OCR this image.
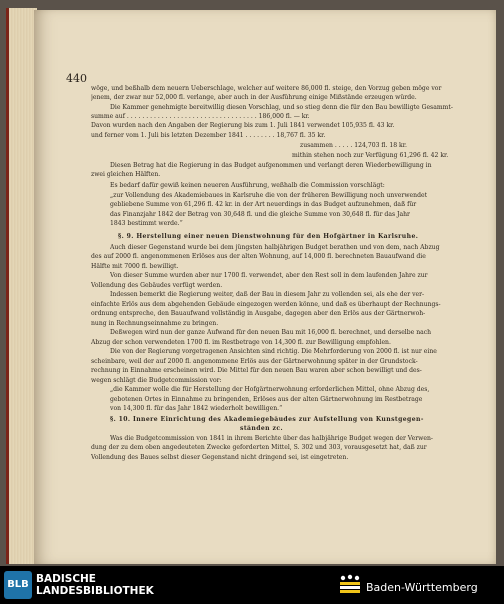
440
wöge, und beßhalb dem neuern Ueberschlage, welcher auf weitere 86,000 fl. steige, den Vorzug geben möge vor
jenem, der zwar nur 52,000 fl. verlange, aber auch in der Ausführung einige Mißstände erzeugen würde.
Die Kammer genehmigte bereitwillig diesen Vorschlag, und so stieg denn die für den Bau bewilligte Gesammt-
summe auf . . . . . . . . . . . . . . . . . . . . . . . . . . . . . . . . . . 186,000 fl. — kr.
Davon wurden nach den Angaben der Regierung bis zum 1. Juli 1841 verwendet 105,935 fl. 43 kr.
und ferner vom 1. Juli bis letzten Dezember 1841 . . . . . . . . 18,767 fl. 35 kr.
zusammen . . . . . 124,703 fl. 18 kr.
mithin stehen noch zur Verfügung 61,296 fl. 42 kr.
Diesen Betrag hat die Regierung in das Budget aufgenommen und verlangt deren Wiederbewilligung in
zwei gleichen Hälften.
Es bedarf dafür gewiß keinen neueren Ausführung, weßhalb die Commission vorschlägt:
„zur Vollendung des Akademiebaues in Karlsruhe die von der früheren Bewilligung noch unverwendet
gebliebene Summe von 61,296 fl. 42 kr. in der Art neuerdings in das Budget aufzunehmen, daß für
das Finanzjahr 1842 der Betrag von 30,648 fl. und die gleiche Summe von 30,648 fl. für das Jahr
1843 bestimmt werde.“
§. 9. Herstellung einer neuen Dienstwohnung für den Hofgärtner in Karlsruhe.
Auch dieser Gegenstand wurde bei dem jüngsten halbjährigen Budget berathen und von dem, nach Abzug
des auf 2000 fl. angenommenen Erlöses aus der alten Wohnung, auf 14,000 fl. berechneten Bauaufwand die
Hälfte mit 7000 fl. bewilligt.
Von dieser Summe wurden aber nur 1700 fl. verwendet, aber den Rest soll in dem laufenden Jahre zur
Vollendung des Gebäudes verfügt werden.
Indessen bemerkt die Regierung weiter, daß der Bau in diesem Jahr zu vollenden sei, als ehe der ver-
einfachte Erlös aus dem abgehenden Gebäude eingezogen werden könne, und daß es überhaupt der Rechnungs-
ordnung entspreche, den Bauaufwand vollständig in Ausgabe, dagegen aber den Erlös aus der Gärtnerwoh-
nung in Rechnungseinnahme zu bringen.
Deßwegen wird nun der ganze Aufwand für den neuen Bau mit 16,000 fl. berechnet, und derselbe nach
Abzug der schon verwendeten 1700 fl. im Restbetrage von 14,300 fl. zur Bewilligung empfohlen.
Die von der Regierung vorgetragenen Ansichten sind richtig. Die Mehrforderung von 2000 fl. ist nur eine
scheinbare, weil der auf 2000 fl. angenommene Erlös aus der Gärtnerwohnung später in der Grundstock-
rechnung in Einnahme erscheinen wird. Die Mittel für den neuen Bau waren aber schon bewilligt und des-
wegen schlägt die Budgetcommission vor:
„die Kammer wolle die für Herstellung der Hofgärtnerwohnung erforderlichen Mittel, ohne Abzug des,
gebotenen Ortes in Einnahme zu bringenden, Erlöses aus der alten Gärtnerwohnung im Restbetrage
von 14,300 fl. für das Jahr 1842 wiederholt bewilligen.“
§. 10. Innere Einrichtung des Akademiegebäudes zur Aufstellung von Kunstgegen-
ständen zc.
Was die Budgetcommission von 1841 in ihrem Berichte über das halbjährige Budget wegen der Verwen-
dung der zu dem oben angedeuteten Zwecke geforderten Mittel, S. 302 und 303, vorausgesetzt hat, daß zur
Vollendung des Baues selbst dieser Gegenstand nicht dringend sei, ist eingetreten.
BLB BADISCHE
LANDESBIBLIOTHEK	Baden-Württemberg
